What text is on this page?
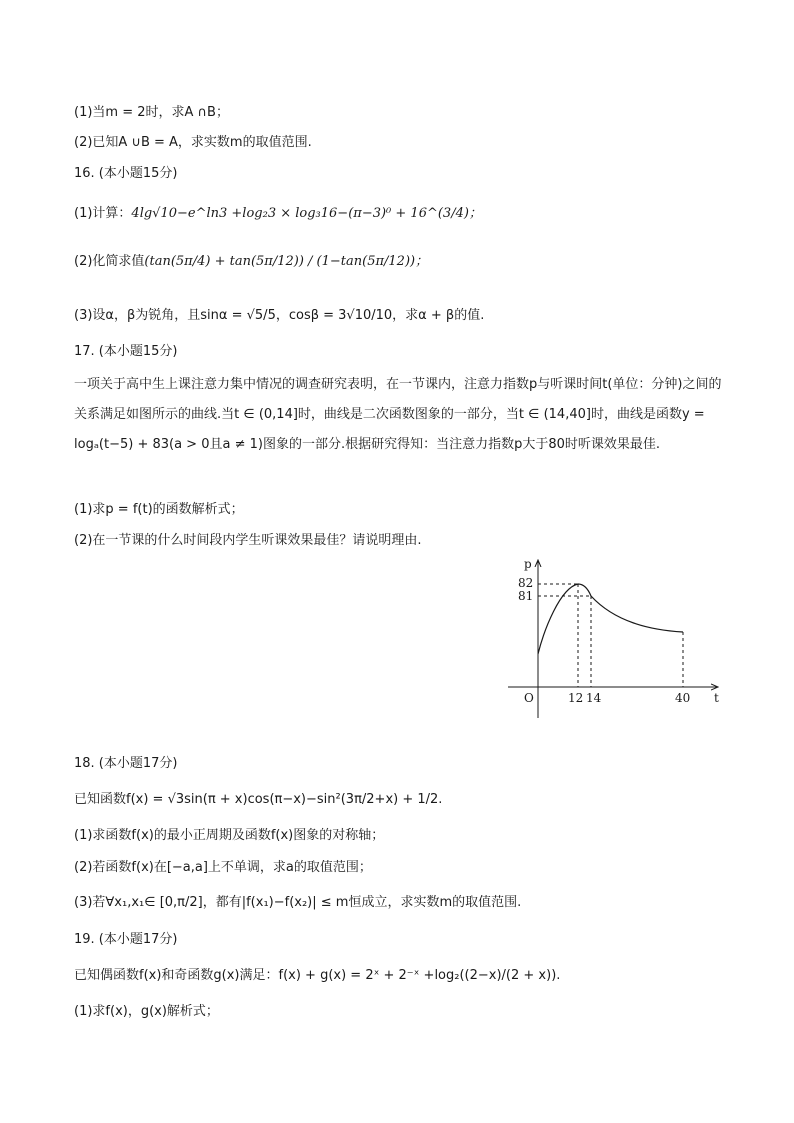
(1)当m = 2时，求A ∩B；
(2)已知A ∪B = A，求实数m的取值范围.
16. (本小题15分)
(1)计算：4lg√10−e^ln3 +log₂3 × log₃16−(π−3)⁰ + 16^(3/4)；
(2)化简求值(tan(5π/4) + tan(5π/12)) / (1−tan(5π/12))；
(3)设α，β为锐角，且sinα = √5/5，cosβ = 3√10/10，求α + β的值.
17. (本小题15分)
一项关于高中生上课注意力集中情况的调查研究表明，在一节课内，注意力指数p与听课时间t(单位：分钟)之间的关系满足如图所示的曲线.当t ∈ (0,14]时，曲线是二次函数图象的一部分，当t ∈ (14,40]时，曲线是函数y = logₐ(t−5) + 83(a > 0且a ≠ 1)图象的一部分.根据研究得知：当注意力指数p大于80时听课效果最佳.
(1)求p = f(t)的函数解析式；
(2)在一节课的什么时间段内学生听课效果最佳？请说明理由.
p
t
O
82
81
12 14	40
18. (本小题17分)
已知函数f(x) = √3sin(π + x)cos(π−x)−sin²(3π/2+x) + 1/2.
(1)求函数f(x)的最小正周期及函数f(x)图象的对称轴；
(2)若函数f(x)在[−a,a]上不单调，求a的取值范围；
(3)若∀x₁,x₁∈ [0,π/2]，都有|f(x₁)−f(x₂)| ≤ m恒成立，求实数m的取值范围.
19. (本小题17分)
已知偶函数f(x)和奇函数g(x)满足：f(x) + g(x) = 2ˣ + 2⁻ˣ +log₂((2−x)/(2 + x)).
(1)求f(x)，g(x)解析式；
